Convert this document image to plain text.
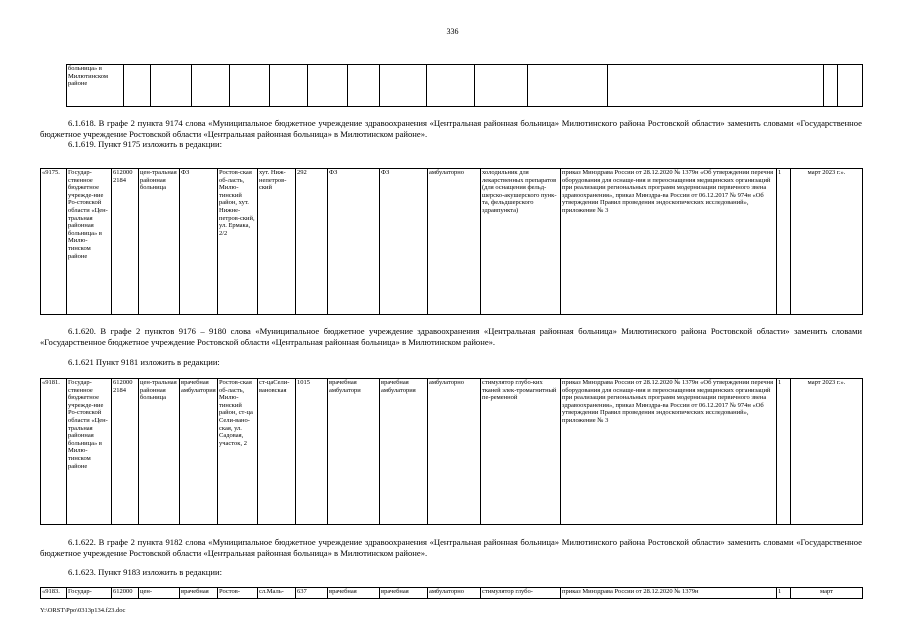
336
больница» в Милютинском районе														
6.1.618. В графе 2 пункта 9174 слова «Муниципальное бюджетное учреждение здравоохранения «Центральная районная больница» Милютинского района Ростовской области» заменить словами «Государственное бюджетное учреждение Ростовской области «Центральная районная больница» в Милютинском районе».
6.1.619. Пункт 9175 изложить в редакции:
«9175.	Государ-ственное бюджетное учрежде-ние Ро-стовской области «Цен-тральная районная больница» в Милю-тинском районе	612000 2184	цен-тральная районная больница	ФЗ	Ростов-ская об-ласть, Милю-тинский район, хут. Нижне-петров-ский, ул. Ермака, 2/2	хут. Ниж-непетров-ский	292	ФЗ	ФЗ	амбулаторно	холодильник для лекарственных препаратов (для оснащения фельд-шерско-акушерского пунк-та, фельдшерского здравпункта)	приказ Минздрава России от 28.12.2020 № 1379н «Об утверждении перечня оборудования для оснаще-ния и переоснащения медицинских организаций при реализации региональных программ модернизации первичного звена здравоохранения», приказ Минздра-ва России от 06.12.2017 № 974н «Об утверждении Правил проведения эндоскопических исследований», приложение № 3	1	март 2023 г.».
6.1.620. В графе 2 пунктов 9176 – 9180 слова «Муниципальное бюджетное учреждение здравоохранения «Центральная районная больница» Милютинского района Ростовской области» заменить словами «Государственное бюджетное учреждение Ростовской области «Центральная районная больница» в Милютинском районе».
6.1.621 Пункт 9181 изложить в редакции:
«9181.	Государ-ственное бюджетное учрежде-ние Ро-стовской области «Цен-тральная районная больница» в Милю-тинском районе	612000 2184	цен-тральная районная больница	врачебная амбулатория	Ростов-ская об-ласть, Милю-тинский район, ст-ца Сели-вано-ская, ул. Садовая, участок, 2	ст-цаСели-вановская	1015	врачебная амбулатори	врачебная амбулатория	амбулаторно	стимулятор глубо-ких тканей элек-тромагнитный пе-ременной	приказ Минздрава России от 28.12.2020 № 1379н «Об утверждении перечня оборудования для оснаще-ния и переоснащения медицинских организаций при реализации региональных программ модернизации первичного звена здравоохранения», приказ Минздра-ва России от 06.12.2017 № 974н «Об утверждении Правил проведения эндоскопических исследований», приложение № 3	1	март 2023 г.».
6.1.622. В графе 2 пункта 9182 слова «Муниципальное бюджетное учреждение здравоохранения «Центральная районная больница» Милютинского района Ростовской области» заменить словами «Государственное бюджетное учреждение Ростовской области «Центральная районная больница» в Милютинском районе».
6.1.623. Пункт 9183 изложить в редакции:
«9183.	Государ-	612000	цен-	врачебная	Ростов-	сл.Маль-	637	врачебная	врачебная	амбулаторно	стимулятор глубо-	приказ Минздрава России от 28.12.2020 № 1379н	1	март
Y:\ORST\Ppo\0313p134.f23.doc
